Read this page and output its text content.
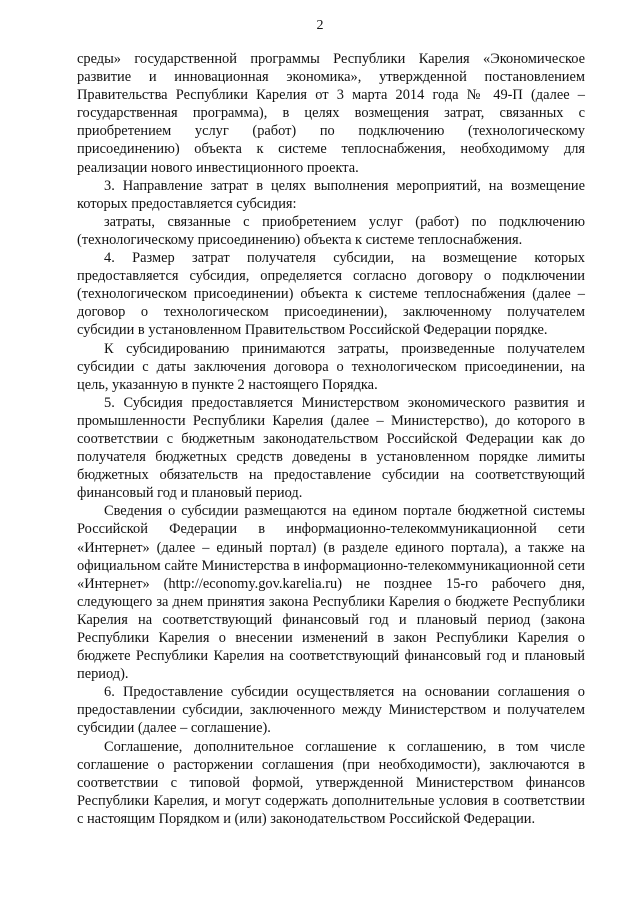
2

среды» государственной программы Республики Карелия «Экономическое развитие и инновационная экономика», утвержденной постановлением Правительства Республики Карелия от 3 марта 2014 года № 49-П (далее – государственная программа), в целях возмещения затрат, связанных с приобретением услуг (работ) по подключению (технологическому присоединению) объекта к системе теплоснабжения, необходимому для реализации нового инвестиционного проекта.

3. Направление затрат в целях выполнения мероприятий, на возмещение которых предоставляется субсидия:

затраты, связанные с приобретением услуг (работ) по подключению (технологическому присоединению) объекта к системе теплоснабжения.

4. Размер затрат получателя субсидии, на возмещение которых предоставляется субсидия, определяется согласно договору о подключении (технологическом присоединении) объекта к системе теплоснабжения (далее – договор о технологическом присоединении), заключенному получателем субсидии в установленном Правительством Российской Федерации порядке.

К субсидированию принимаются затраты, произведенные получателем субсидии с даты заключения договора о технологическом присоединении, на цель, указанную в пункте 2 настоящего Порядка.

5. Субсидия предоставляется Министерством экономического развития и промышленности Республики Карелия (далее – Министерство), до которого в соответствии с бюджетным законодательством Российской Федерации как до получателя бюджетных средств доведены в установленном порядке лимиты бюджетных обязательств на предоставление субсидии на соответствующий финансовый год и плановый период.

Сведения о субсидии размещаются на едином портале бюджетной системы Российской Федерации в информационно-телекоммуникационной сети «Интернет» (далее – единый портал) (в разделе единого портала), а также на официальном сайте Министерства в информационно-телекоммуникационной сети «Интернет» (http://economy.gov.karelia.ru) не позднее 15-го рабочего дня, следующего за днем принятия закона Республики Карелия о бюджете Республики Карелия на соответствующий финансовый год и плановый период (закона Республики Карелия о внесении изменений в закон Республики Карелия о бюджете Республики Карелия на соответствующий финансовый год и плановый период).

6. Предоставление субсидии осуществляется на основании соглашения о предоставлении субсидии, заключенного между Министерством и получателем субсидии (далее – соглашение).

Соглашение, дополнительное соглашение к соглашению, в том числе соглашение о расторжении соглашения (при необходимости), заключаются в соответствии с типовой формой, утвержденной Министерством финансов Республики Карелия, и могут содержать дополнительные условия в соответствии с настоящим Порядком и (или) законодательством Российской Федерации.
